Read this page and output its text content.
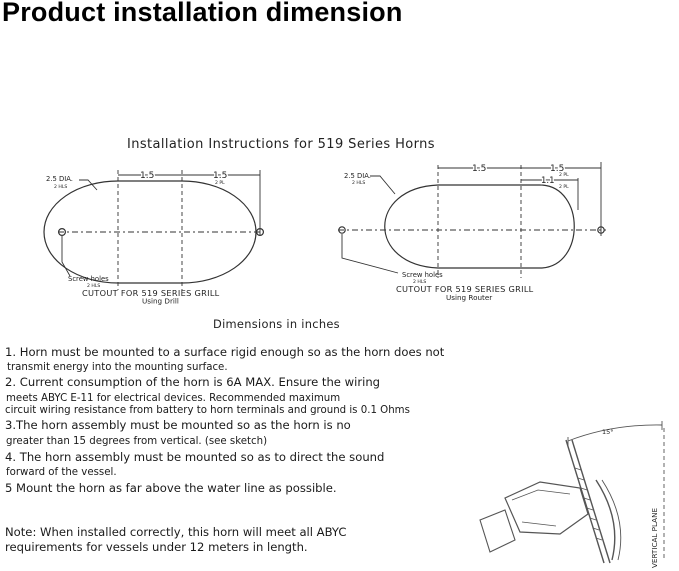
Product installation dimension
Installation Instructions for 519 Series Horns
2.5 DIA.
2 HLS
1.5	1.5
2 PL
Screw holes
2 HLS
CUTOUT FOR 519 SERIES GRILL
Using Drill
2.5 DIA.
2 HLS
1.5	1.5
2 PL
1.1
2 PL
Screw holes
2 HLS
CUTOUT FOR 519 SERIES GRILL
Using Router
Dimensions in inches
15°
VERTICAL PLANE
1. Horn must be mounted to a surface rigid enough so as the horn does not
transmit energy into the mounting surface.
2. Current consumption of the horn is 6A MAX. Ensure the wiring
meets ABYC E-11 for electrical devices. Recommended maximum
circuit wiring resistance from battery to horn terminals and ground is 0.1 Ohms
3.The horn assembly must be mounted so as the horn is no
greater than 15 degrees from vertical. (see sketch)
4. The horn assembly must be mounted so as to direct the sound
forward of the vessel.
5 Mount the horn as far above the water line as possible.
Note: When installed correctly, this horn will meet all ABYC
requirements for vessels under 12 meters in length.
